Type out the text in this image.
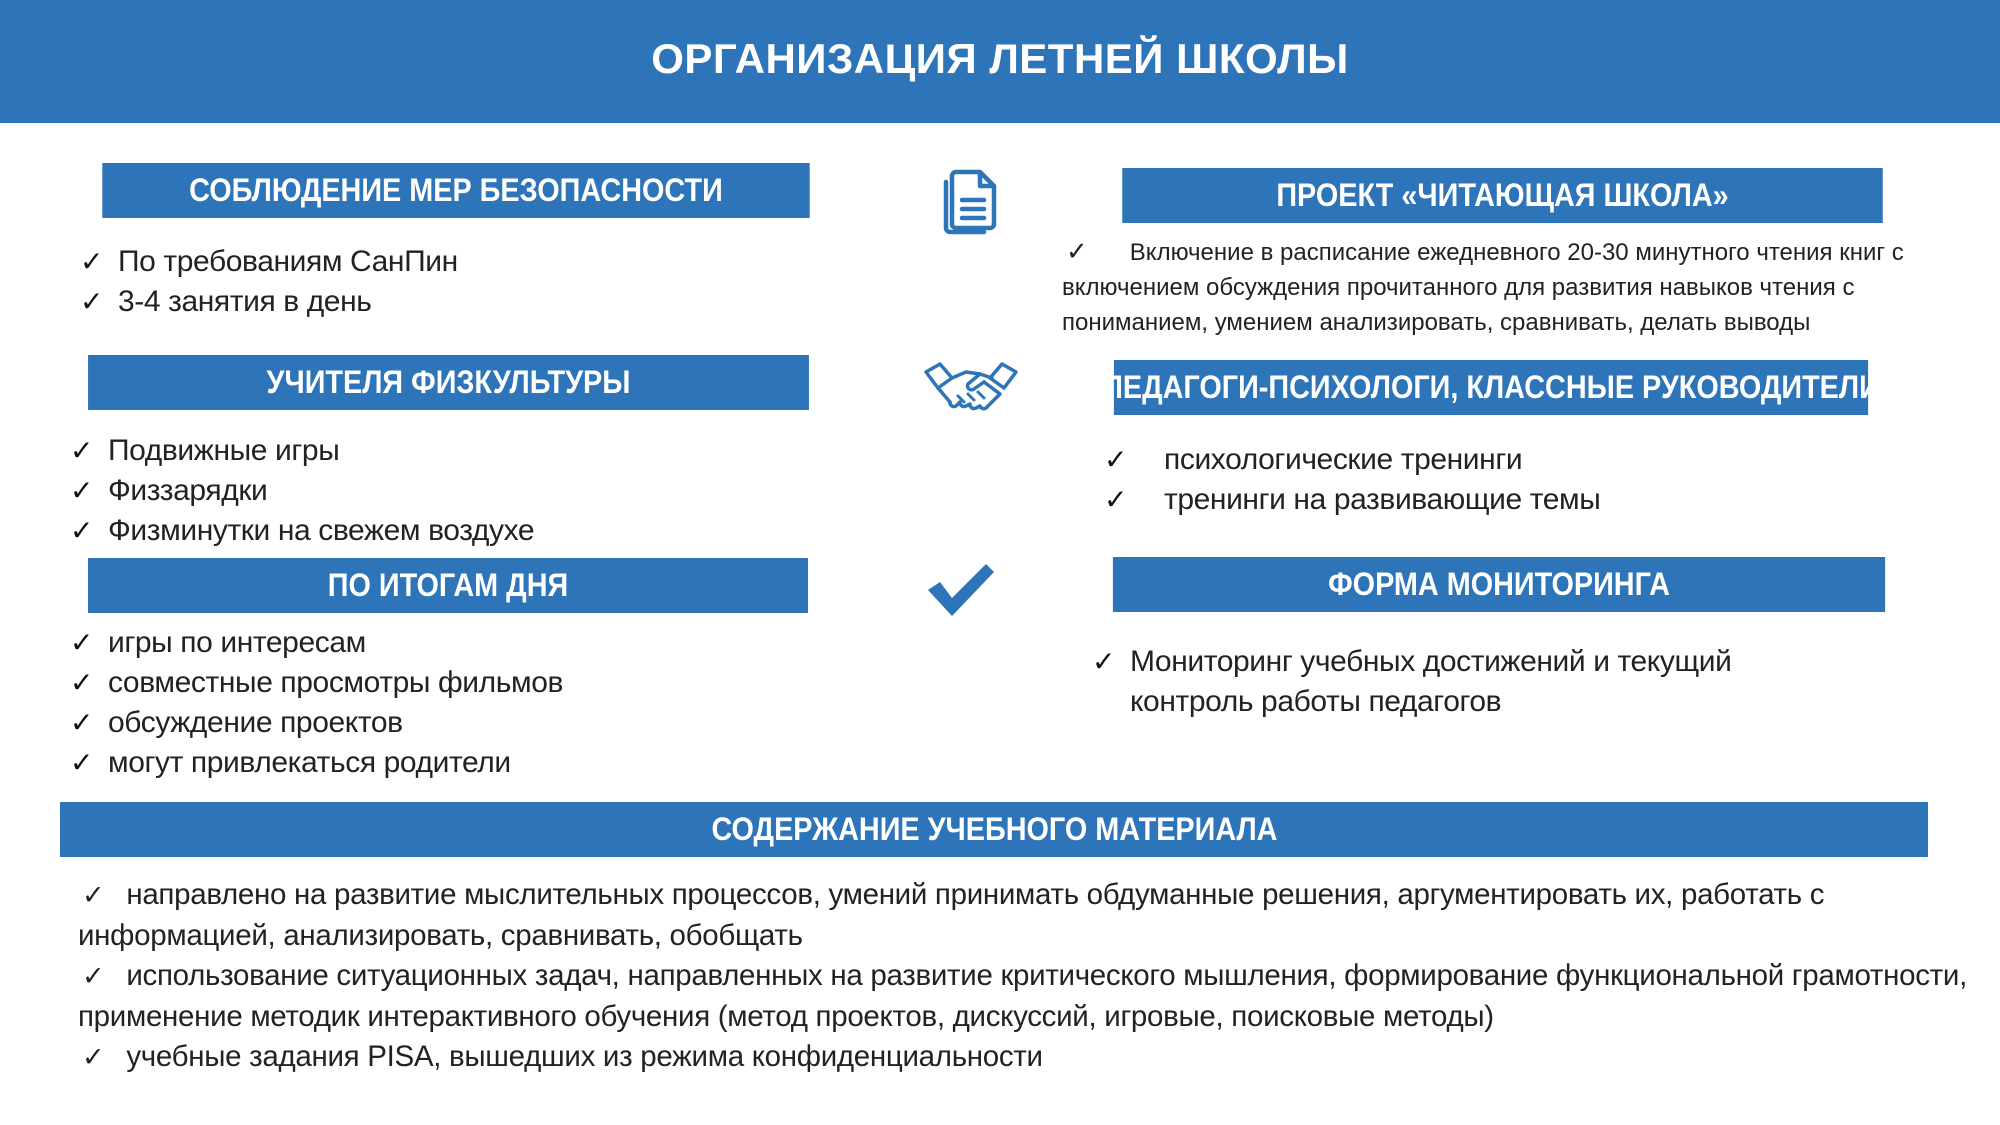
ОРГАНИЗАЦИЯ ЛЕТНЕЙ ШКОЛЫ
СОБЛЮДЕНИЕ МЕР БЕЗОПАСНОСТИ
✓ По требованиям СанПин
✓ 3-4 занятия в день
УЧИТЕЛЯ ФИЗКУЛЬТУРЫ
✓ Подвижные игры
✓ Физзарядки
✓ Физминутки на свежем воздухе
ПО ИТОГАМ ДНЯ
✓ игры по интересам
✓ совместные просмотры фильмов
✓ обсуждение проектов
✓ могут привлекаться родители
ПРОЕКТ «ЧИТАЮЩАЯ ШКОЛА»
✓ Включение в расписание ежедневного 20-30 минутного чтения книг с включением обсуждения прочитанного для развития навыков чтения с пониманием, умением анализировать, сравнивать, делать выводы
ПЕДАГОГИ-ПСИХОЛОГИ, КЛАССНЫЕ РУКОВОДИТЕЛИ
✓ психологические тренинги
✓ тренинги на развивающие темы
ФОРМА МОНИТОРИНГА
✓ Мониторинг учебных достижений и текущий контроль работы педагогов
СОДЕРЖАНИЕ УЧЕБНОГО МАТЕРИАЛА
✓ направлено на развитие мыслительных процессов, умений принимать обдуманные решения, аргументировать их, работать с информацией, анализировать, сравнивать, обобщать
✓ использование ситуационных задач, направленных на развитие критического мышления, формирование функциональной грамотности, применение методик интерактивного обучения (метод проектов, дискуссий, игровые, поисковые методы)
✓ учебные задания PISA, вышедших из режима конфиденциальности
